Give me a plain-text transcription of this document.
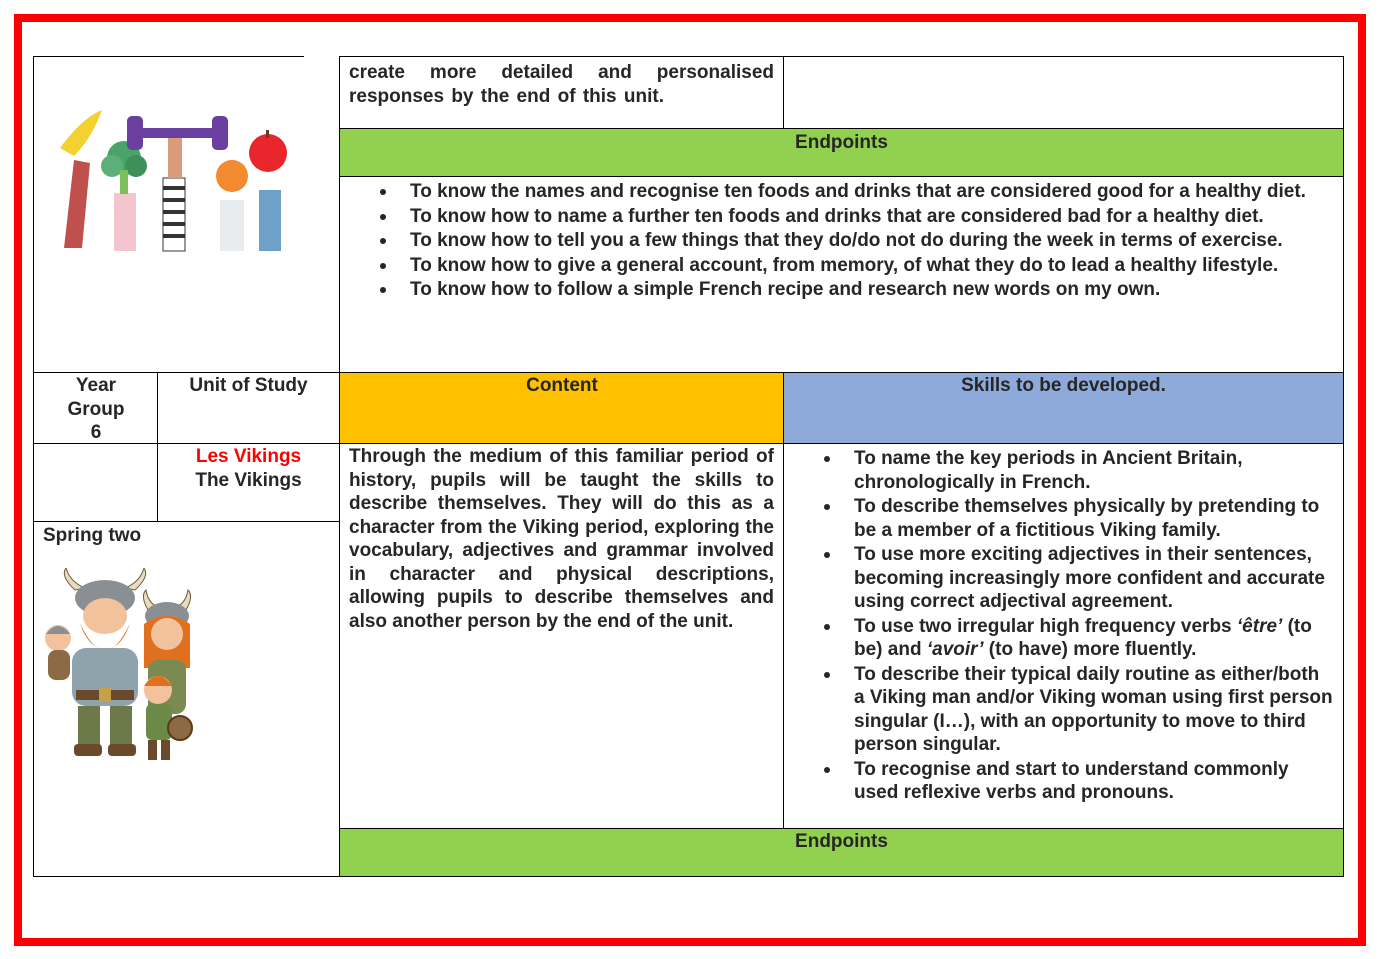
create more detailed and personalised responses by the end of this unit.

Endpoints

To know the names and recognise ten foods and drinks that are considered good for a healthy diet.
To know how to name a further ten foods and drinks that are considered bad for a healthy diet.
To know how to tell you a few things that they do/do not do during the week in terms of exercise.
To know how to give a general account, from memory, of what they do to lead a healthy lifestyle.
To know how to follow a simple French recipe and research new words on my own.

Year Group 6

Unit of Study	Content	Skills to be developed.

Les Vikings

The Vikings

Spring two

Through the medium of this familiar period of history, pupils will be taught the skills to describe themselves. They will do this as a character from the Viking period, exploring the vocabulary, adjectives and grammar involved in character and physical descriptions, allowing pupils to describe themselves and also another person by the end of the unit.

To name the key periods in Ancient Britain, chronologically in French.
To describe themselves physically by pretending to be a member of a fictitious Viking family.
To use more exciting adjectives in their sentences, becoming increasingly more confident and accurate using correct adjectival agreement.
To use two irregular high frequency verbs ‘être’ (to be) and ‘avoir’ (to have) more fluently.
To describe their typical daily routine as either/both a Viking man and/or Viking woman using first person singular (I…), with an opportunity to move to third person singular.
To recognise and start to understand commonly used reflexive verbs and pronouns.

Endpoints
